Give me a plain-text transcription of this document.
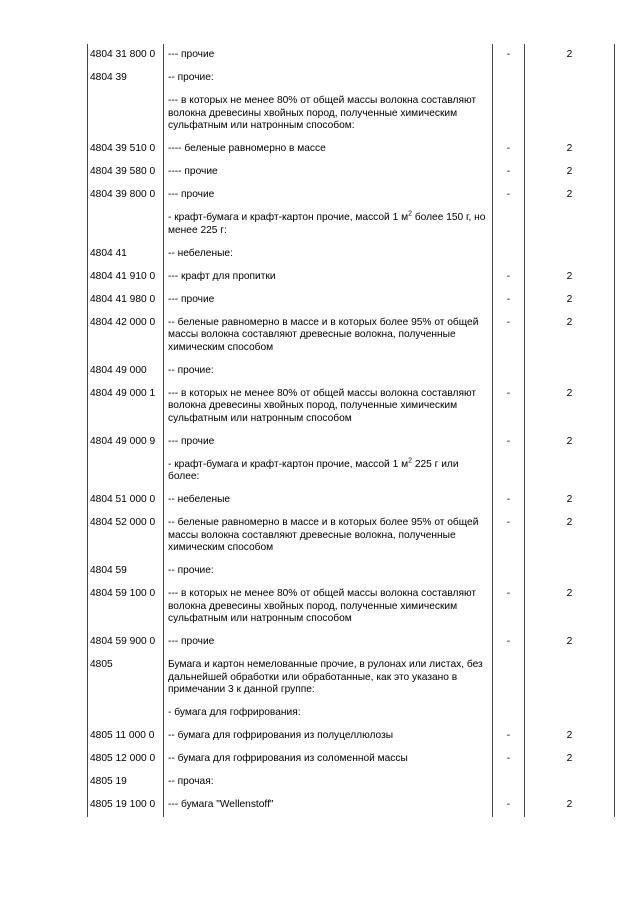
4804 31 800 0	--- прочие	-	2
4804 39	-- прочие:		
	--- в которых не менее 80% от общей массы волокна составляют волокна древесины хвойных пород, полученные химическим сульфатным или натронным способом:		
4804 39 510 0	---- беленые равномерно в массе	-	2
4804 39 580 0	---- прочие	-	2
4804 39 800 0	--- прочие	-	2
	- крафт-бумага и крафт-картон прочие, массой 1 $м^2$ более 150 г, но менее 225 г:		
4804 41	-- небеленые:		
4804 41 910 0	--- крафт для пропитки	-	2
4804 41 980 0	--- прочие	-	2
4804 42 000 0	-- беленые равномерно в массе и в которых более 95% от общей массы волокна составляют древесные волокна, полученные химическим способом	-	2
4804 49 000	-- прочие:		
4804 49 000 1	--- в которых не менее 80% от общей массы волокна составляют волокна древесины хвойных пород, полученные химическим сульфатным или натронным способом	-	2
4804 49 000 9	--- прочие	-	2
	- крафт-бумага и крафт-картон прочие, массой 1 $м^2$ 225 г или более:		
4804 51 000 0	-- небеленые	-	2
4804 52 000 0	-- беленые равномерно в массе и в которых более 95% от общей массы волокна составляют древесные волокна, полученные химическим способом	-	2
4804 59	-- прочие:		
4804 59 100 0	--- в которых не менее 80% от общей массы волокна составляют волокна древесины хвойных пород, полученные химическим сульфатным или натронным способом	-	2
4804 59 900 0	--- прочие	-	2
4805	Бумага и картон немелованные прочие, в рулонах или листах, без дальнейшей обработки или обработанные, как это указано в примечании 3 к данной группе:		
	- бумага для гофрирования:		
4805 11 000 0	-- бумага для гофрирования из полуцеллюлозы	-	2
4805 12 000 0	-- бумага для гофрирования из соломенной массы	-	2
4805 19	-- прочая:		
4805 19 100 0	--- бумага "Wellenstoff"	-	2
